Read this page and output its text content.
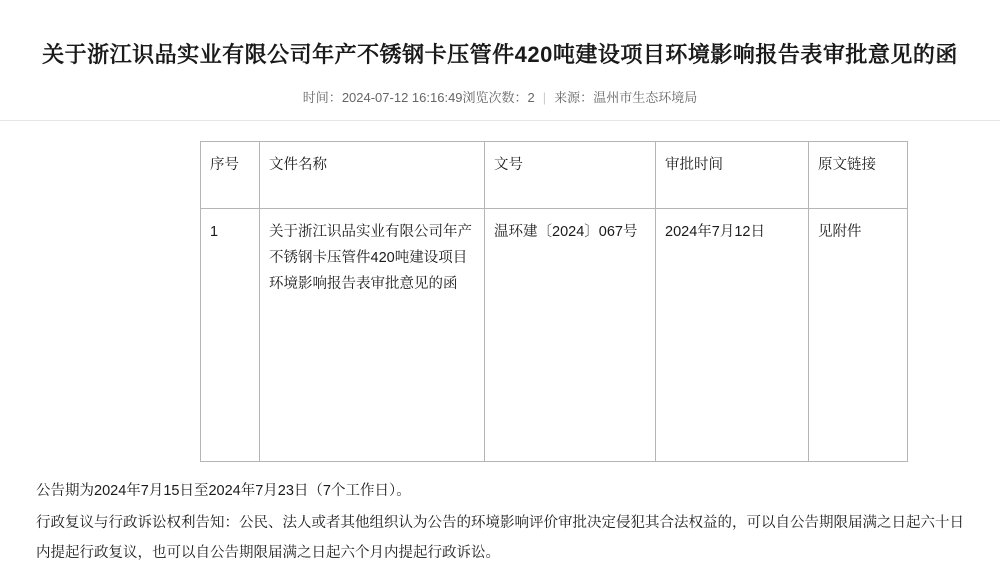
关于浙江识品实业有限公司年产不锈钢卡压管件420吨建设项目环境影响报告表审批意见的函
时间：2024-07-12 16:16:49浏览次数：2 | 来源：温州市生态环境局
序号	文件名称	文号	审批时间	原文链接
1	关于浙江识品实业有限公司年产不锈钢卡压管件420吨建设项目环境影响报告表审批意见的函	温环建〔2024〕067号	2024年7月12日	见附件

公告期为2024年7月15日至2024年7月23日（7个工作日）。

行政复议与行政诉讼权利告知：公民、法人或者其他组织认为公告的环境影响评价审批决定侵犯其合法权益的，可以自公告期限届满之日起六十日内提起行政复议，也可以自公告期限届满之日起六个月内提起行政诉讼。
